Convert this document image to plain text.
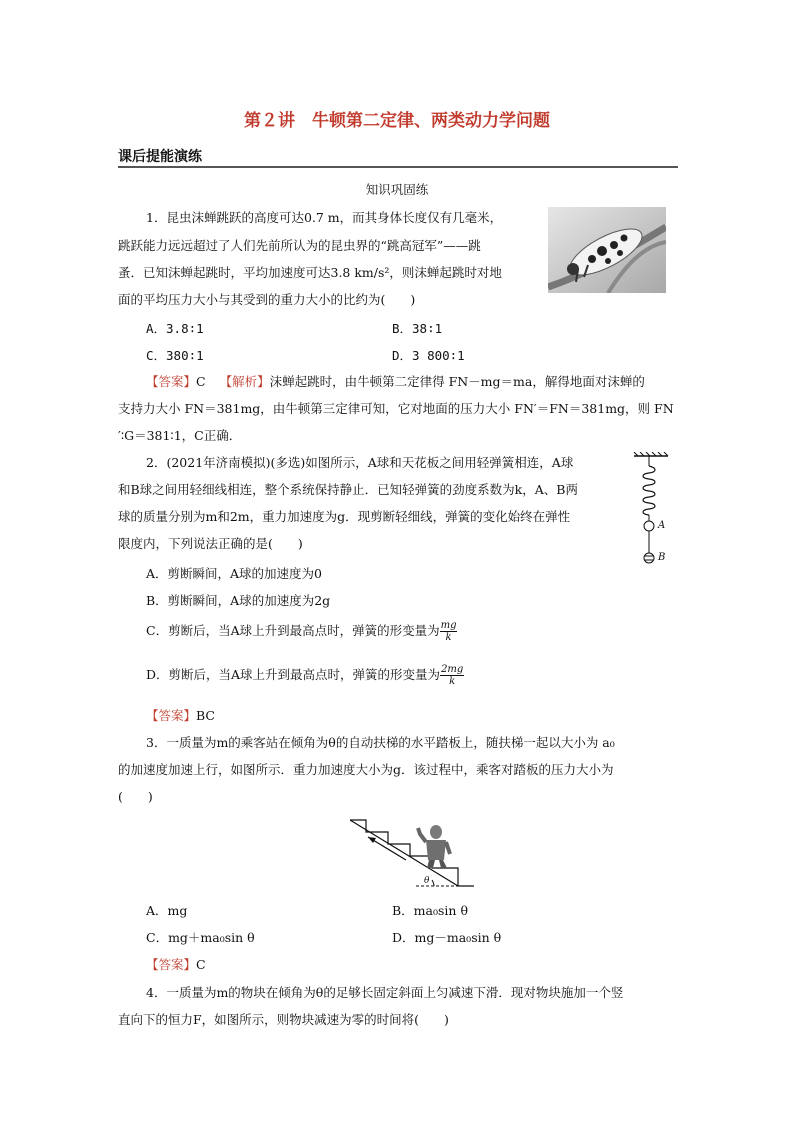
第２讲　牛顿第二定律、两类动力学问题
课后提能演练
知识巩固练
1．昆虫沫蝉跳跃的高度可达0.7 m，而其身体长度仅有几毫米，
跳跃能力远远超过了人们先前所认为的昆虫界的“跳高冠军”——跳
蚤．已知沫蝉起跳时，平均加速度可达3.8 km/s²，则沫蝉起跳时对地
面的平均压力大小与其受到的重力大小的比约为(　　)
A．3.8∶1	B．38∶1
C．380∶1	D．3 800∶1
【答案】C 【解析】沫蝉起跳时，由牛顿第二定律得 FN－mg＝ma，解得地面对沫蝉的
支持力大小 FN＝381mg，由牛顿第三定律可知，它对地面的压力大小 FN′＝FN＝381mg，则 FN
′∶G＝381∶1，C正确．
2．(2021年济南模拟)(多选)如图所示，A球和天花板之间用轻弹簧相连，A球
和B球之间用轻细线相连，整个系统保持静止．已知轻弹簧的劲度系数为k，A、B两
球的质量分别为m和2m，重力加速度为g．现剪断轻细线，弹簧的变化始终在弹性
限度内，下列说法正确的是(　　)
A
B
A．剪断瞬间，A球的加速度为0
B．剪断瞬间，A球的加速度为2g
C．剪断后，当A球上升到最高点时，弹簧的形变量为 $\frac{mg}{k}$
D．剪断后，当A球上升到最高点时，弹簧的形变量为 $\frac{2mg}{k}$
【答案】BC
3．一质量为m的乘客站在倾角为θ的自动扶梯的水平踏板上，随扶梯一起以大小为 a₀
的加速度加速上行，如图所示．重力加速度大小为g．该过程中，乘客对踏板的压力大小为
(　　)
θ
A．mg	B．ma₀sin θ
C．mg＋ma₀sin θ	D．mg－ma₀sin θ
【答案】C
4．一质量为m的物块在倾角为θ的足够长固定斜面上匀减速下滑．现对物块施加一个竖
直向下的恒力F，如图所示，则物块减速为零的时间将(　　)
